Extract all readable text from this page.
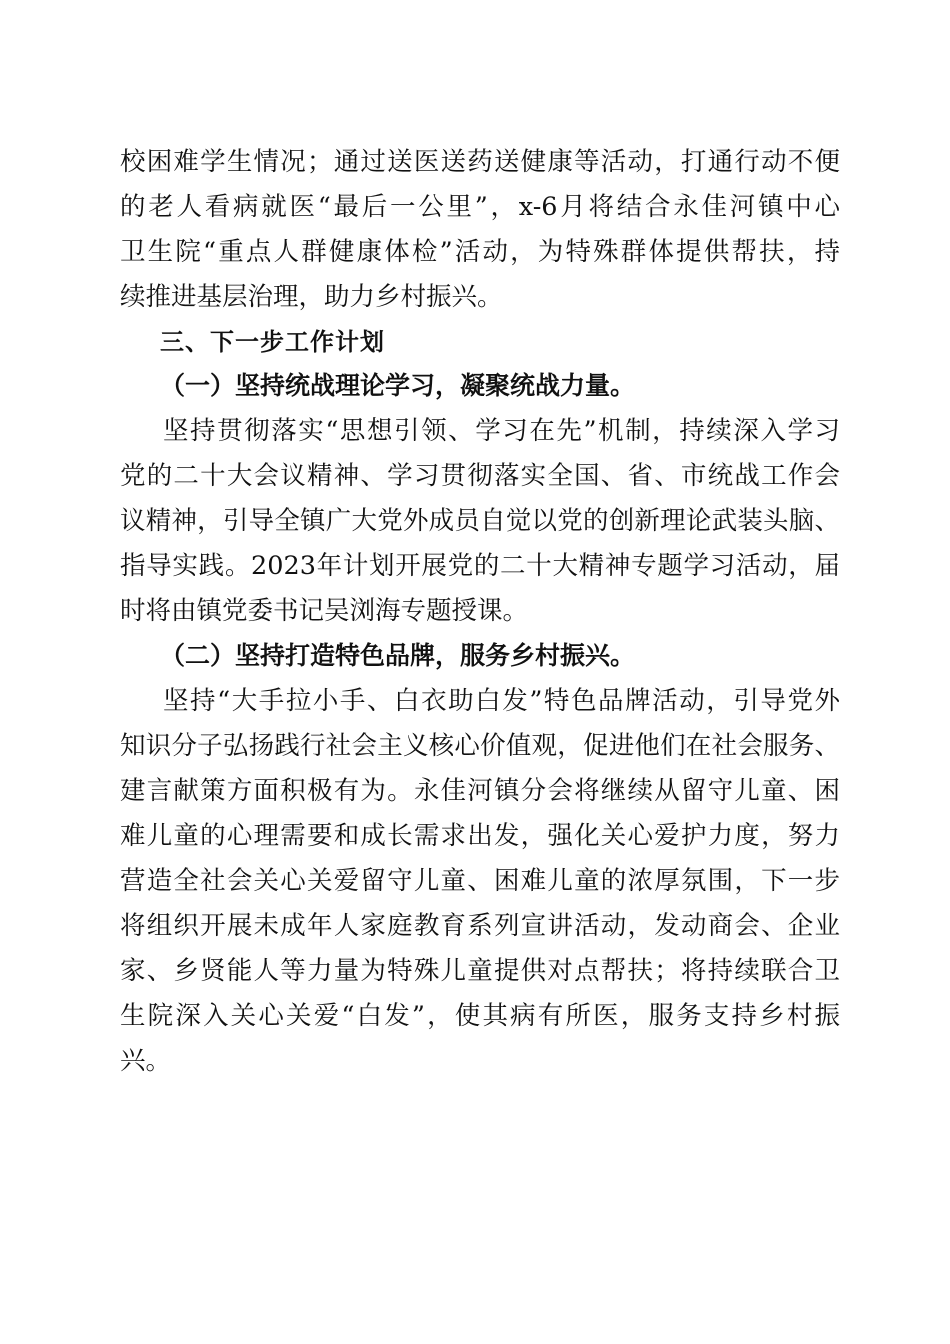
校困难学生情况；通过送医送药送健康等活动，打通行动不便
的老人看病就医“最后一公里”，x-6月将结合永佳河镇中心
卫生院“重点人群健康体检”活动，为特殊群体提供帮扶，持
续推进基层治理，助力乡村振兴。
三、下一步工作计划
（一）坚持统战理论学习，凝聚统战力量。
坚持贯彻落实“思想引领、学习在先”机制，持续深入学习
党的二十大会议精神、学习贯彻落实全国、省、市统战工作会
议精神，引导全镇广大党外成员自觉以党的创新理论武装头脑、
指导实践。2023年计划开展党的二十大精神专题学习活动，届
时将由镇党委书记吴浏海专题授课。
（二）坚持打造特色品牌，服务乡村振兴。
坚持“大手拉小手、白衣助白发”特色品牌活动，引导党外
知识分子弘扬践行社会主义核心价值观，促进他们在社会服务、
建言献策方面积极有为。永佳河镇分会将继续从留守儿童、困
难儿童的心理需要和成长需求出发，强化关心爱护力度，努力
营造全社会关心关爱留守儿童、困难儿童的浓厚氛围，下一步
将组织开展未成年人家庭教育系列宣讲活动，发动商会、企业
家、乡贤能人等力量为特殊儿童提供对点帮扶；将持续联合卫
生院深入关心关爱“白发”，使其病有所医，服务支持乡村振
兴。
